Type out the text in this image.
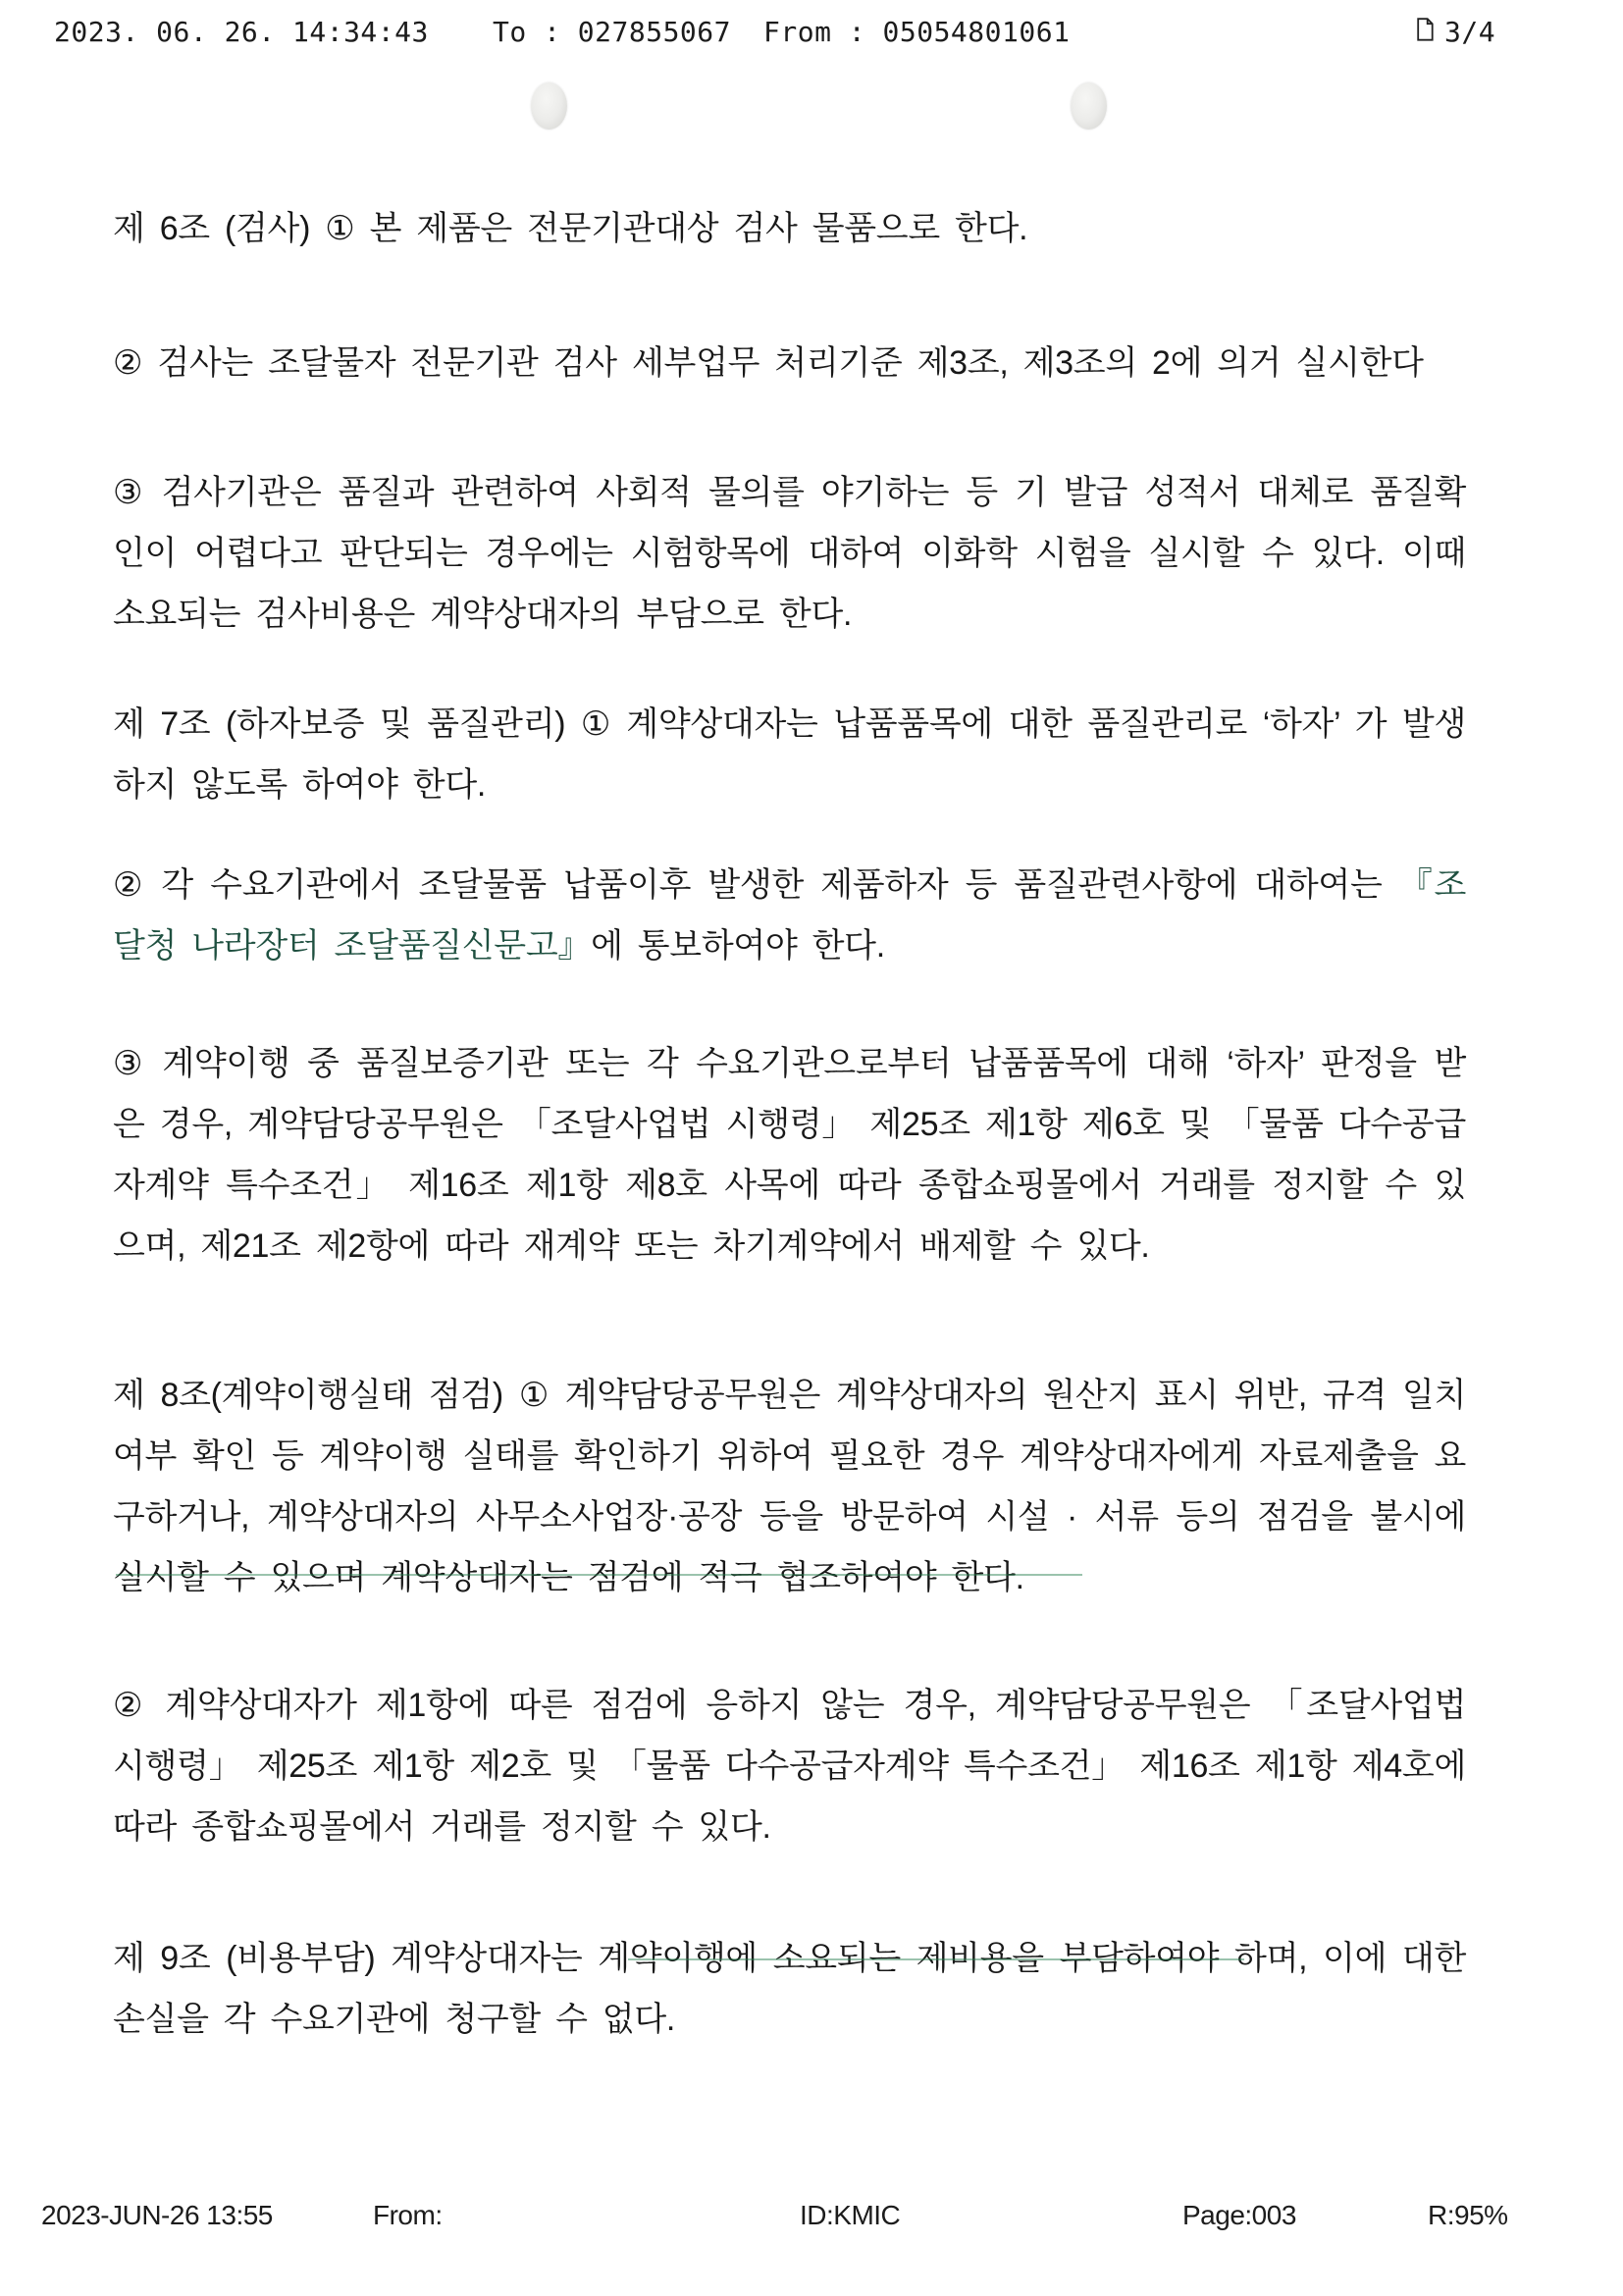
2023. 06. 26. 14:34:43 To : 027855067 From : 05054801061	3/4

제 6조 (검사) ① 본 제품은 전문기관대상 검사 물품으로 한다.

② 검사는 조달물자 전문기관 검사 세부업무 처리기준 제3조, 제3조의 2에 의거 실시한다

③ 검사기관은 품질과 관련하여 사회적 물의를 야기하는 등 기 발급 성적서 대체로 품질확인이 어렵다고 판단되는 경우에는 시험항목에 대하여 이화학 시험을 실시할 수 있다. 이때 소요되는 검사비용은 계약상대자의 부담으로 한다.

제 7조 (하자보증 및 품질관리) ① 계약상대자는 납품품목에 대한 품질관리로 ‘하자’ 가 발생하지 않도록 하여야 한다.

② 각 수요기관에서 조달물품 납품이후 발생한 제품하자 등 품질관련사항에 대하여는 『조달청 나라장터 조달품질신문고』에 통보하여야 한다.

③ 계약이행 중 품질보증기관 또는 각 수요기관으로부터 납품품목에 대해 ‘하자’ 판정을 받은 경우, 계약담당공무원은 「조달사업법 시행령」 제25조 제1항 제6호 및 「물품 다수공급자계약 특수조건」 제16조 제1항 제8호 사목에 따라 종합쇼핑몰에서 거래를 정지할 수 있으며, 제21조 제2항에 따라 재계약 또는 차기계약에서 배제할 수 있다.

제 8조(계약이행실태 점검) ① 계약담당공무원은 계약상대자의 원산지 표시 위반, 규격 일치여부 확인 등 계약이행 실태를 확인하기 위하여 필요한 경우 계약상대자에게 자료제출을 요구하거나, 계약상대자의 사무소사업장·공장 등을 방문하여 시설 · 서류 등의 점검을 불시에 실시할 수 있으며 계약상대자는 점검에 적극 협조하여야 한다.

② 계약상대자가 제1항에 따른 점검에 응하지 않는 경우, 계약담당공무원은 「조달사업법 시행령」 제25조 제1항 제2호 및 「물품 다수공급자계약 특수조건」 제16조 제1항 제4호에 따라 종합쇼핑몰에서 거래를 정지할 수 있다.

제 9조 (비용부담) 계약상대자는 계약이행에 소요되는 제비용을 부담하여야 하며, 이에 대한 손실을 각 수요기관에 청구할 수 없다.

2023-JUN-26 13:55	From:	ID:KMIC	Page:003	R:95%
